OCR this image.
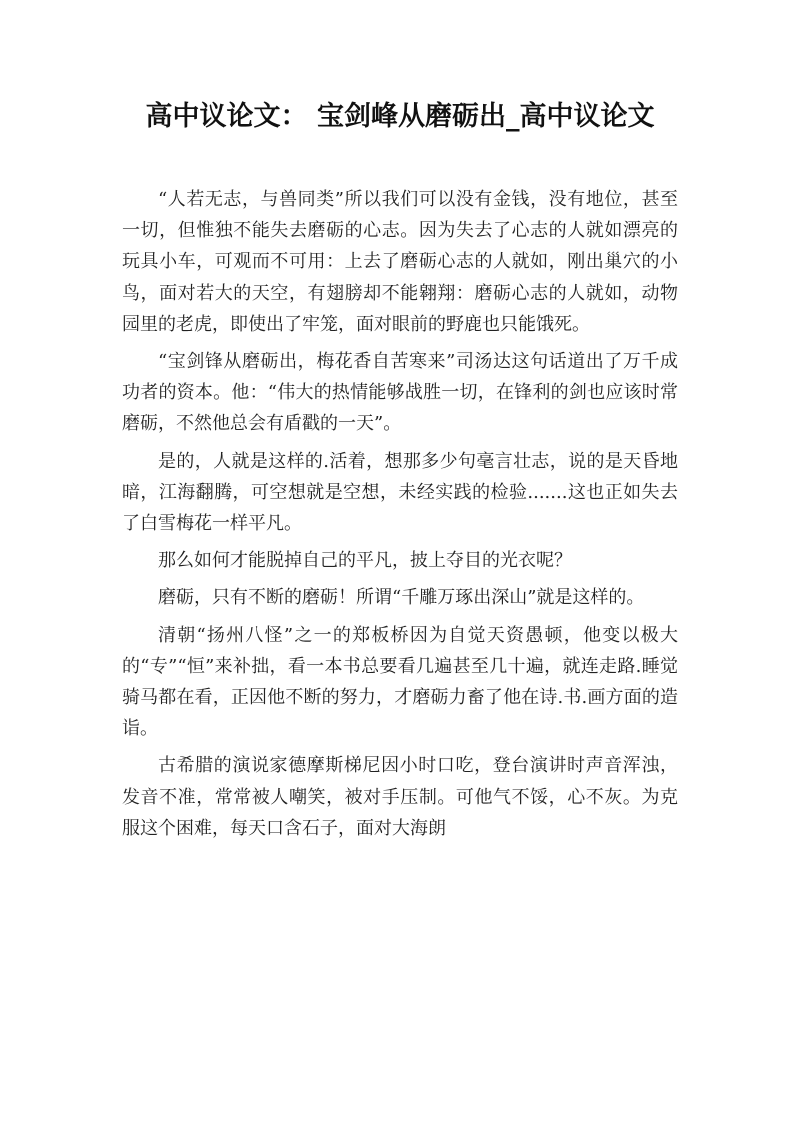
高中议论文： 宝剑峰从磨砺出_高中议论文

“人若无志，与兽同类”所以我们可以没有金钱，没有地位，甚至一切，但惟独不能失去磨砺的心志。因为失去了心志的人就如漂亮的玩具小车，可观而不可用：上去了磨砺心志的人就如，刚出巢穴的小鸟，面对若大的天空，有翅膀却不能翱翔：磨砺心志的人就如，动物园里的老虎，即使出了牢笼，面对眼前的野鹿也只能饿死。

“宝剑锋从磨砺出，梅花香自苦寒来”司汤达这句话道出了万千成功者的资本。他：“伟大的热情能够战胜一切，在锋利的剑也应该时常磨砺，不然他总会有盾戳的一天”。

是的，人就是这样的.活着，想那多少句毫言壮志，说的是天昏地暗，江海翻腾，可空想就是空想，未经实践的检验.......这也正如失去了白雪梅花一样平凡。

那么如何才能脱掉自己的平凡，披上夺目的光衣呢？

磨砺，只有不断的磨砺！所谓“千雕万琢出深山”就是这样的。

清朝“扬州八怪”之一的郑板桥因为自觉天资愚顿，他变以极大的“专”“恒”来补拙，看一本书总要看几遍甚至几十遍，就连走路.睡觉骑马都在看，正因他不断的努力，才磨砺力畜了他在诗.书.画方面的造诣。

古希腊的演说家德摩斯梯尼因小时口吃，登台演讲时声音浑浊，发音不准，常常被人嘲笑，被对手压制。可他气不馁，心不灰。为克服这个困难，每天口含石子，面对大海朗
